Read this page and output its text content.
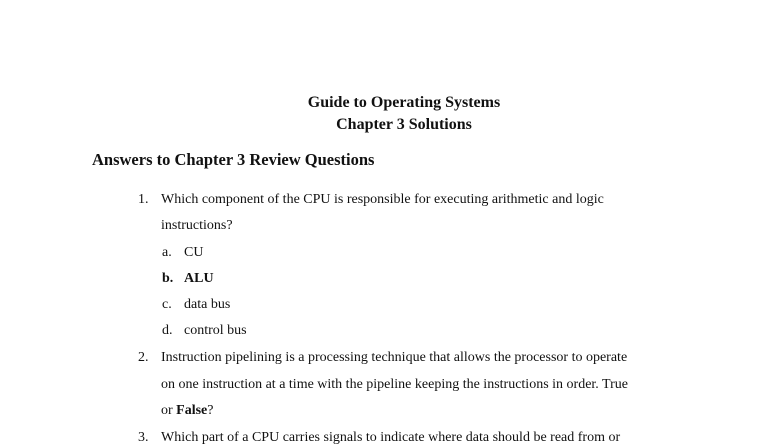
Guide to Operating Systems
Chapter 3 Solutions
Answers to Chapter 3 Review Questions
1. Which component of the CPU is responsible for executing arithmetic and logic
instructions?
a. CU
b. ALU
c. data bus
d. control bus
2. Instruction pipelining is a processing technique that allows the processor to operate
on one instruction at a time with the pipeline keeping the instructions in order. True
or False?
3. Which part of a CPU carries signals to indicate where data should be read from or
